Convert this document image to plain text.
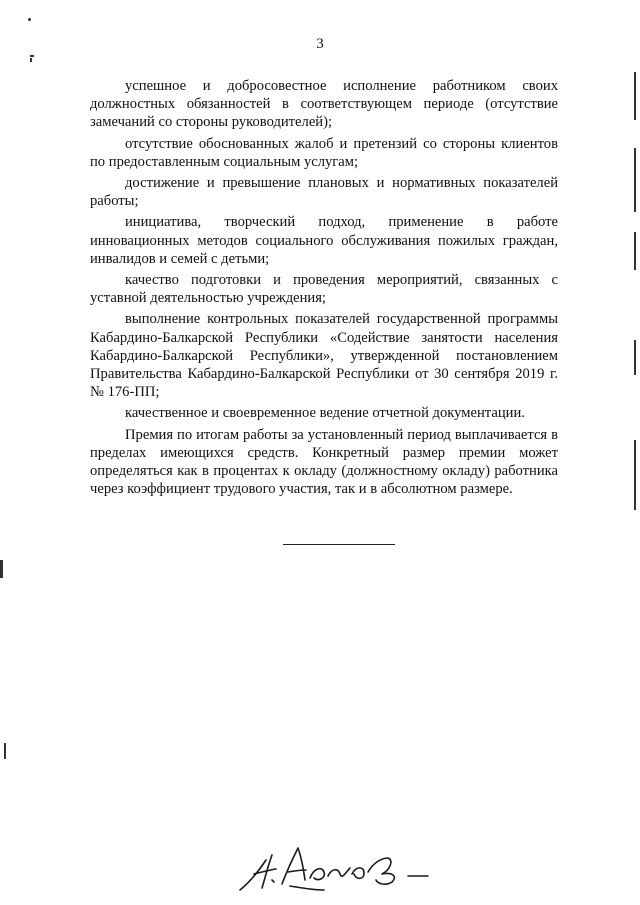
3

успешное и добросовестное исполнение работником своих должностных обязанностей в соответствующем периоде (отсутствие замечаний со стороны руководителей);

отсутствие обоснованных жалоб и претензий со стороны клиентов по предоставленным социальным услугам;

достижение и превышение плановых и нормативных показателей работы;

инициатива, творческий подход, применение в работе инновационных методов социального обслуживания пожилых граждан, инвалидов и семей с детьми;

качество подготовки и проведения мероприятий, связанных с уставной деятельностью учреждения;

выполнение контрольных показателей государственной программы Кабардино-Балкарской Республики «Содействие занятости населения Кабардино-Балкарской Республики», утвержденной постановлением Правительства Кабардино-Балкарской Республики от 30 сентября 2019 г. № 176-ПП;

качественное и своевременное ведение отчетной документации.

Премия по итогам работы за установленный период выплачивается в пределах имеющихся средств. Конкретный размер премии может определяться как в процентах к окладу (должностному окладу) работника через коэффициент трудового участия, так и в абсолютном размере.
